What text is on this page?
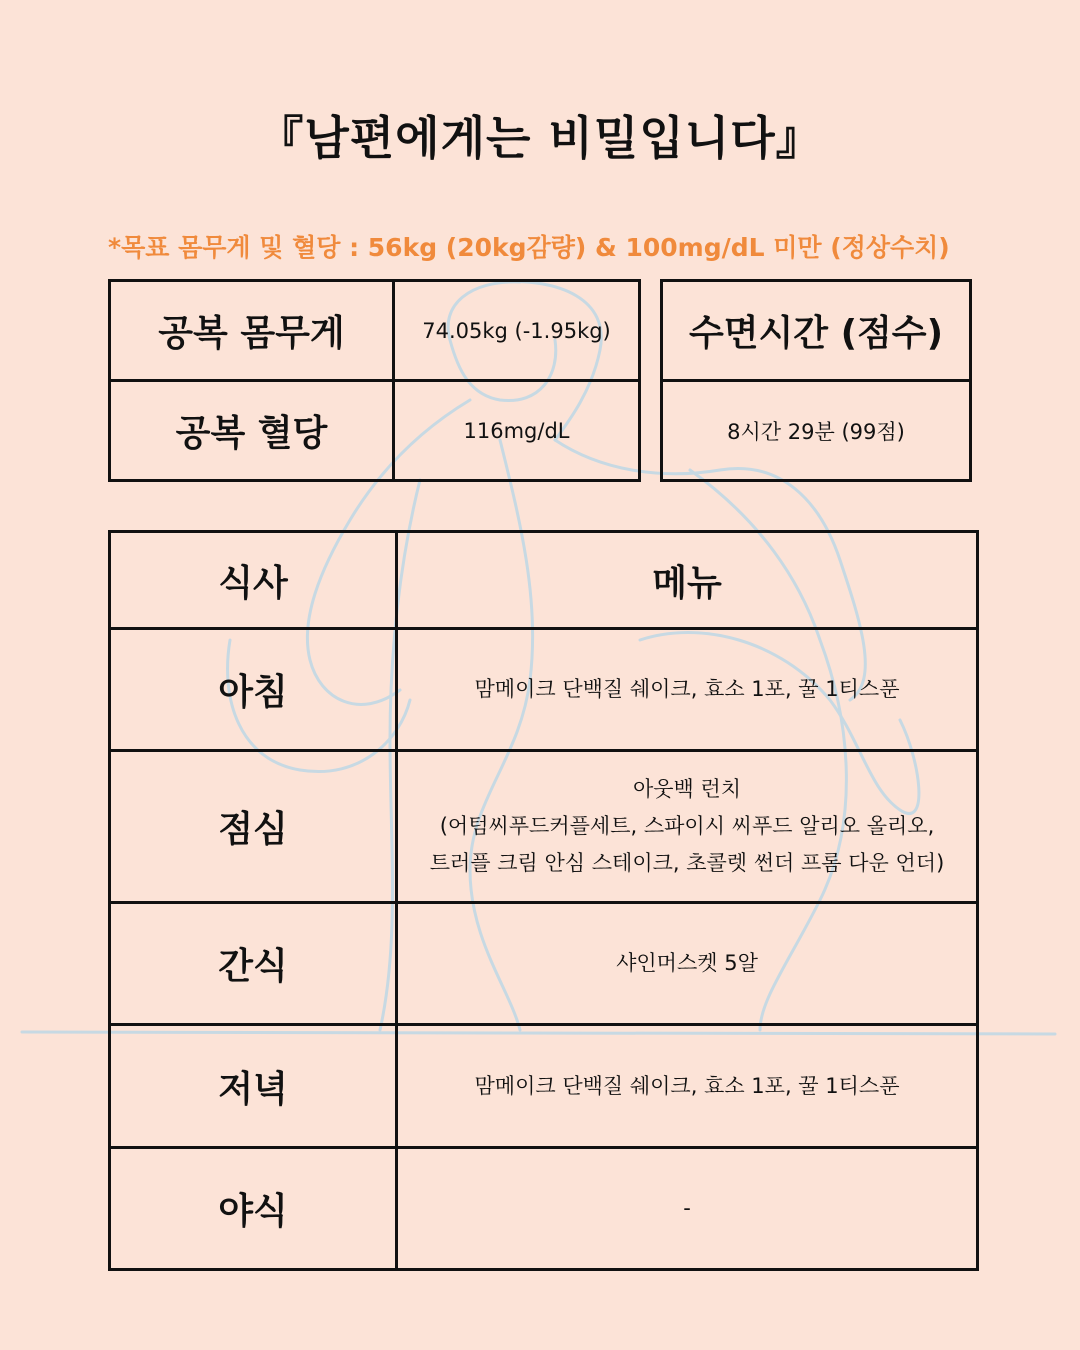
『남편에게는 비밀입니다』
*목표 몸무게 및 혈당 : 56kg (20kg감량) & 100mg/dL 미만 (정상수치)
공복 몸무게	74.05kg (-1.95kg)
공복 혈당	116mg/dL
수면시간 (점수)
8시간 29분 (99점)
식사	메뉴
아침	맘메이크 단백질 쉐이크, 효소 1포, 꿀 1티스푼

점심	아웃백 런치
(어텀씨푸드커플세트, 스파이시 씨푸드 알리오 올리오,
트러플 크림 안심 스테이크, 초콜렛 썬더 프롬 다운 언더)

간식	샤인머스켓 5알

저녁	맘메이크 단백질 쉐이크, 효소 1포, 꿀 1티스푼

야식	-
